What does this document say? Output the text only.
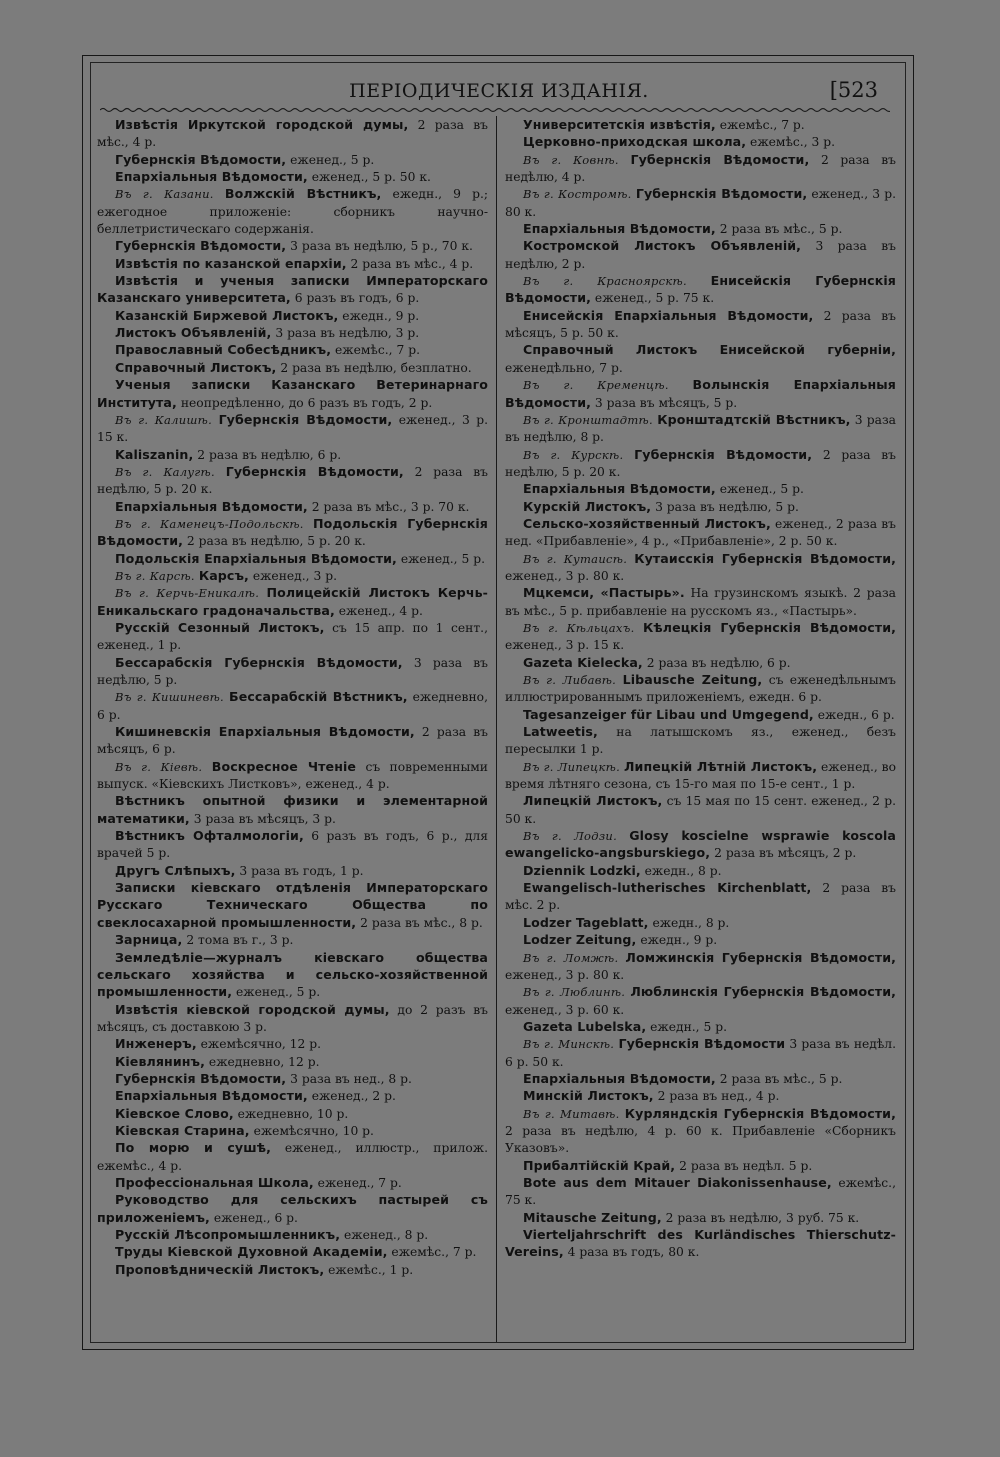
ПЕРІОДИЧЕСКІЯ ИЗДАНІЯ.	[523

Извѣстія Иркутской городской думы, 2 раза въ мѣс., 4 р.

Губернскія Вѣдомости, еженед., 5 р.

Епархіальныя Вѣдомости, еженед., 5 р. 50 к.

Въ г. Казани. Волжскій Вѣстникъ, ежедн., 9 р.; ежегодное приложеніе: сборникъ научно-беллетристическаго содержанія.

Губернскія Вѣдомости, 3 раза въ недѣлю, 5 р., 70 к.

Извѣстія по казанской епархіи, 2 раза въ мѣс., 4 р.

Извѣстія и ученыя записки Императорскаго Казанскаго университета, 6 разъ въ годъ, 6 р.

Казанскій Биржевой Листокъ, ежедн., 9 р.

Листокъ Объявленій, 3 раза въ недѣлю, 3 р.

Православный Собесѣдникъ, ежемѣс., 7 р.

Справочный Листокъ, 2 раза въ недѣлю, безплатно.

Ученыя записки Казанскаго Ветеринарнаго Института, неопредѣленно, до 6 разъ въ годъ, 2 р.

Въ г. Калишѣ. Губернскія Вѣдомости, еженед., 3 р. 15 к.

Kaliszanin, 2 раза въ недѣлю, 6 р.

Въ г. Калугѣ. Губернскія Вѣдомости, 2 раза въ недѣлю, 5 р. 20 к.

Епархіальныя Вѣдомости, 2 раза въ мѣс., 3 р. 70 к.

Въ г. Каменецъ-Подольскѣ. Подольскія Губернскія Вѣдомости, 2 раза въ недѣлю, 5 р. 20 к.

Подольскія Епархіальныя Вѣдомости, еженед., 5 р.

Въ г. Карсѣ. Карсъ, еженед., 3 р.

Въ г. Керчь-Еникалѣ. Полицейскій Листокъ Керчь-Еникальскаго градоначальства, еженед., 4 р.

Русскій Сезонный Листокъ, съ 15 апр. по 1 сент., еженед., 1 р.

Бессарабскія Губернскія Вѣдомости, 3 раза въ недѣлю, 5 р.

Въ г. Кишиневѣ. Бессарабскій Вѣстникъ, ежедневно, 6 р.

Кишиневскія Епархіальныя Вѣдомости, 2 раза въ мѣсяцъ, 6 р.

Въ г. Кіевѣ. Воскресное Чтеніе съ повременными выпуск. «Кіевскихъ Листковъ», еженед., 4 р.

Вѣстникъ опытной физики и элементарной математики, 3 раза въ мѣсяцъ, 3 р.

Вѣстникъ Офталмологіи, 6 разъ въ годъ, 6 р., для врачей 5 р.

Другъ Слѣпыхъ, 3 раза въ годъ, 1 р.

Записки кіевскаго отдѣленія Императорскаго Русскаго Техническаго Общества по свеклосахарной промышленности, 2 раза въ мѣс., 8 р.

Зарница, 2 тома въ г., 3 р.

Земледѣліе—журналъ кіевскаго общества сельскаго хозяйства и сельско-хозяйственной промышленности, еженед., 5 р.

Извѣстія кіевской городской думы, до 2 разъ въ мѣсяцъ, съ доставкою 3 р.

Инженеръ, ежемѣсячно, 12 р.

Кіевлянинъ, ежедневно, 12 р.

Губернскія Вѣдомости, 3 раза въ нед., 8 р.

Епархіальныя Вѣдомости, еженед., 2 р.

Кіевское Слово, ежедневно, 10 р.

Кіевская Старина, ежемѣсячно, 10 р.

По морю и сушѣ, еженед., иллюстр., прилож. ежемѣс., 4 р.

Профессіональная Школа, еженед., 7 р.

Руководство для сельскихъ пастырей съ приложеніемъ, еженед., 6 р.

Русскій Лѣсопромышленникъ, еженед., 8 р.

Труды Кіевской Духовной Академіи, ежемѣс., 7 р.

Проповѣдническій Листокъ, ежемѣс., 1 р.

Университетскія извѣстія, ежемѣс., 7 р.

Церковно-приходская школа, ежемѣс., 3 р.

Въ г. Ковнѣ. Губернскія Вѣдомости, 2 раза въ недѣлю, 4 р.

Въ г. Костромѣ. Губернскія Вѣдомости, еженед., 3 р. 80 к.

Епархіальныя Вѣдомости, 2 раза въ мѣс., 5 р.

Костромской Листокъ Объявленій, 3 раза въ недѣлю, 2 р.

Въ г. Красноярскѣ. Енисейскія Губернскія Вѣдомости, еженед., 5 р. 75 к.

Енисейскія Епархіальныя Вѣдомости, 2 раза въ мѣсяцъ, 5 р. 50 к.

Справочный Листокъ Енисейской губерніи, еженедѣльно, 7 р.

Въ г. Кременцѣ. Волынскія Епархіальныя Вѣдомости, 3 раза въ мѣсяцъ, 5 р.

Въ г. Кронштадтѣ. Кронштадтскій Вѣстникъ, 3 раза въ недѣлю, 8 р.

Въ г. Курскѣ. Губернскія Вѣдомости, 2 раза въ недѣлю, 5 р. 20 к.

Епархіальныя Вѣдомости, еженед., 5 р.

Курскій Листокъ, 3 раза въ недѣлю, 5 р.

Сельско-хозяйственный Листокъ, еженед., 2 раза въ нед. «Прибавленіе», 4 р., «Прибавленіе», 2 р. 50 к.

Въ г. Кутаисѣ. Кутаисскія Губернскія Вѣдомости, еженед., 3 р. 80 к.

Мцкемси, «Пастырь». На грузинскомъ языкѣ. 2 раза въ мѣс., 5 р. прибавленіе на русскомъ яз., «Пастырь».

Въ г. Кѣльцахъ. Кѣлецкія Губернскія Вѣдомости, еженед., 3 р. 15 к.

Gazeta Kielecka, 2 раза въ недѣлю, 6 р.

Въ г. Либавѣ. Libausche Zeitung, съ еженедѣльнымъ иллюстрированнымъ приложеніемъ, ежедн. 6 р.

Tagesanzeiger für Libau und Umgegend, ежедн., 6 р.

Latweetis, на латышскомъ яз., еженед., безъ пересылки 1 р.

Въ г. Липецкѣ. Липецкій Лѣтній Листокъ, еженед., во время лѣтняго сезона, съ 15-го мая по 15-е сент., 1 р.

Липецкій Листокъ, съ 15 мая по 15 сент. еженед., 2 р. 50 к.

Въ г. Лодзи. Glosy koscielne wsprawie koscola ewangelicko-angsburskiego, 2 раза въ мѣсяцъ, 2 р.

Dziennik Lodzki, ежедн., 8 р.

Ewangelisch-lutherisches Kirchenblatt, 2 раза въ мѣс. 2 р.

Lodzer Tageblatt, ежедн., 8 р.

Lodzer Zeitung, ежедн., 9 р.

Въ г. Ломжѣ. Ломжинскія Губернскія Вѣдомости, еженед., 3 р. 80 к.

Въ г. Люблинѣ. Люблинскія Губернскія Вѣдомости, еженед., 3 р. 60 к.

Gazeta Lubelska, ежедн., 5 р.

Въ г. Минскѣ. Губернскія Вѣдомости 3 раза въ недѣл. 6 р. 50 к.

Епархіальныя Вѣдомости, 2 раза въ мѣс., 5 р.

Минскій Листокъ, 2 раза въ нед., 4 р.

Въ г. Митавѣ. Курляндскія Губернскія Вѣдомости, 2 раза въ недѣлю, 4 р. 60 к. Прибавленіе «Сборникъ Указовъ».

Прибалтійскій Край, 2 раза въ недѣл. 5 р.

Bote aus dem Mitauer Diakonissenhause, ежемѣс., 75 к.

Mitausche Zeitung, 2 раза въ недѣлю, 3 руб. 75 к.

Vierteljahrschrift des Kurländisches Thierschutz-Vereins, 4 раза въ годъ, 80 к.
